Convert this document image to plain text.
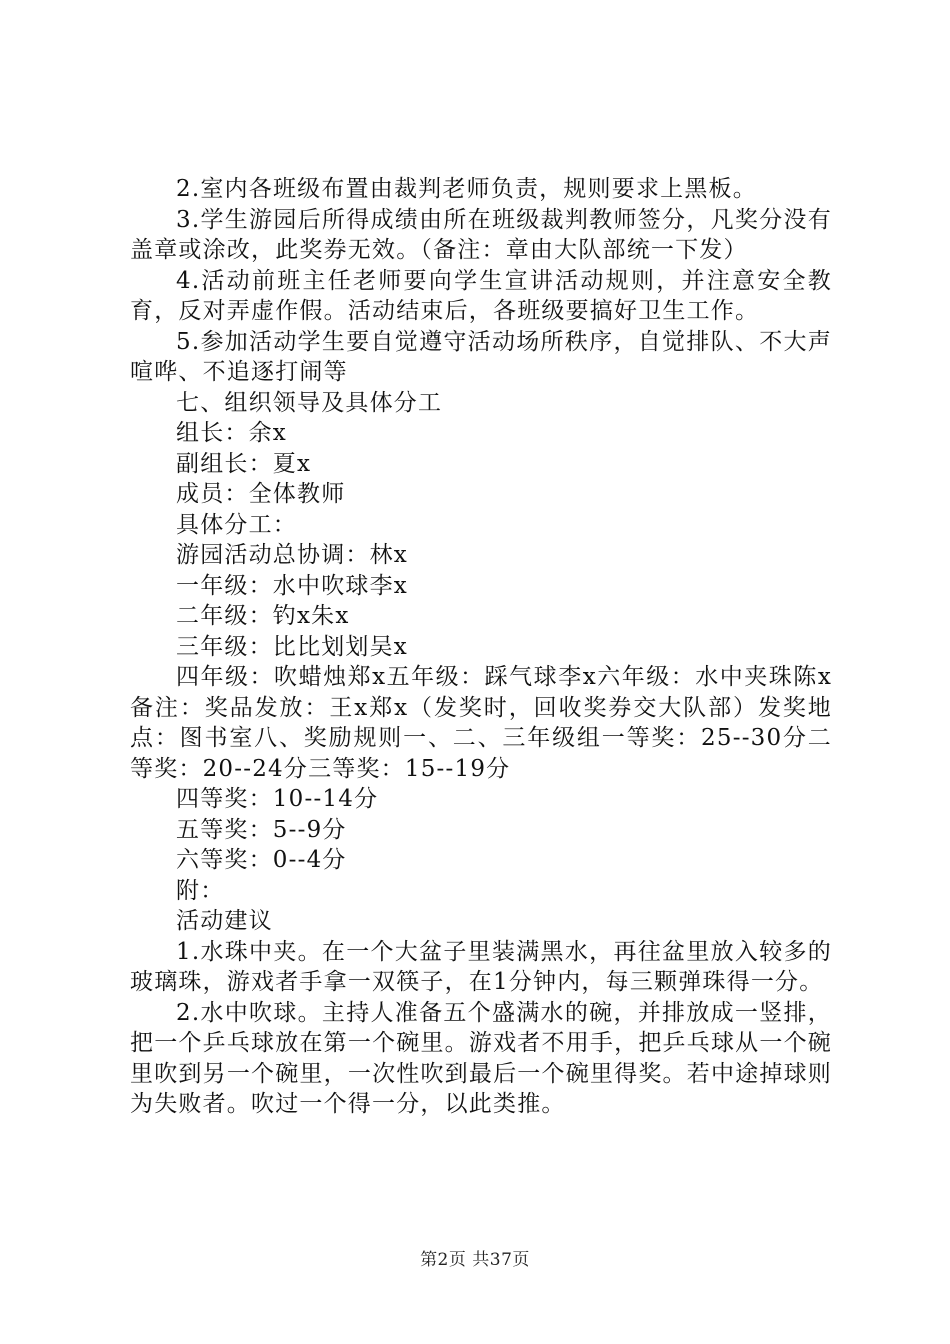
2.室内各班级布置由裁判老师负责，规则要求上黑板。

3.学生游园后所得成绩由所在班级裁判教师签分，凡奖分没有盖章或涂改，此奖券无效。（备注：章由大队部统一下发）

4.活动前班主任老师要向学生宣讲活动规则，并注意安全教育，反对弄虚作假。活动结束后，各班级要搞好卫生工作。

5.参加活动学生要自觉遵守活动场所秩序，自觉排队、不大声喧哗、不追逐打闹等

七、组织领导及具体分工

组长：余x

副组长：夏x

成员：全体教师

具体分工：

游园活动总协调：林x

一年级：水中吹球李x

二年级：钓x朱x

三年级：比比划划吴x

四年级：吹蜡烛郑x五年级：踩气球李x六年级：水中夹珠陈x备注：奖品发放：王x郑x（发奖时，回收奖券交大队部）发奖地点：图书室八、奖励规则一、二、三年级组一等奖：25--30分二等奖：20--24分三等奖：15--19分

四等奖：10--14分

五等奖：5--9分

六等奖：0--4分

附：

活动建议

1.水珠中夹。在一个大盆子里装满黑水，再往盆里放入较多的玻璃珠，游戏者手拿一双筷子，在1分钟内，每三颗弹珠得一分。

2.水中吹球。主持人准备五个盛满水的碗，并排放成一竖排，把一个乒乓球放在第一个碗里。游戏者不用手，把乒乓球从一个碗里吹到另一个碗里，一次性吹到最后一个碗里得奖。若中途掉球则为失败者。吹过一个得一分，以此类推。

第2页 共37页
